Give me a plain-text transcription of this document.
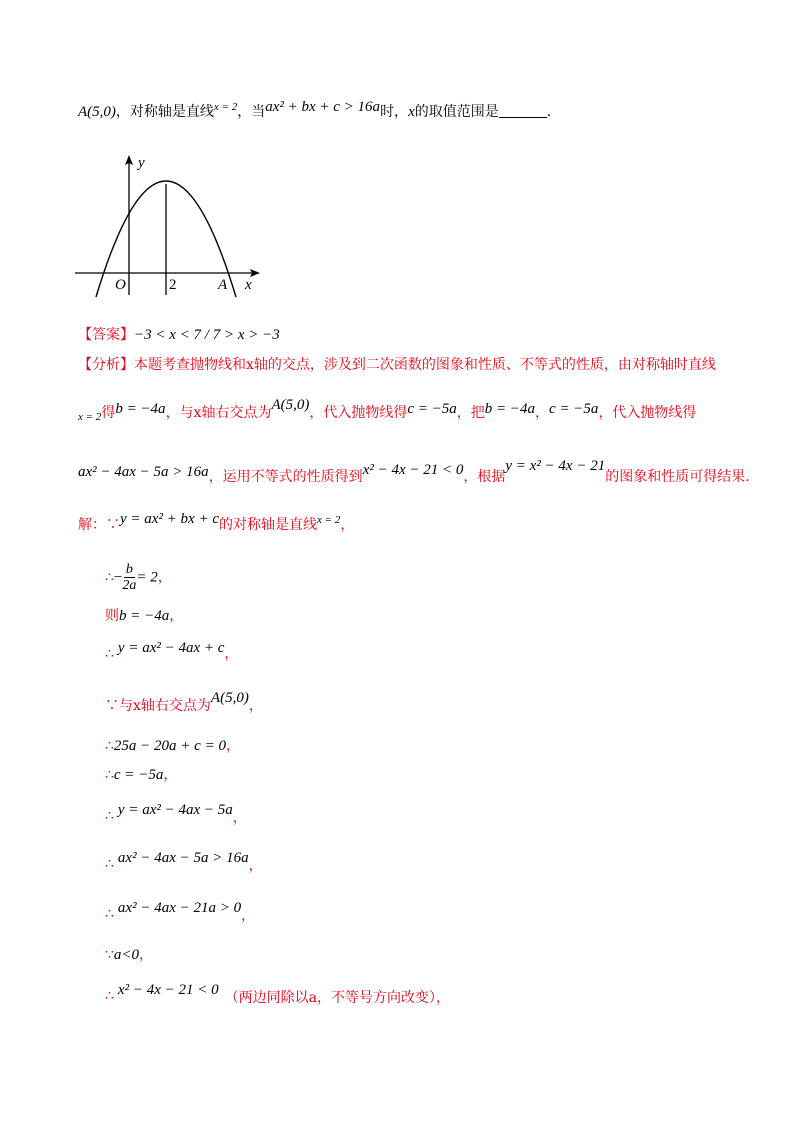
A(5,0)，对称轴是直线$^{x = 2}$，当ax² + bx + c > 16a时，x的取值范围是	.
y
x
O	2	A
【答案】−3 < x < 7 / 7 > x > −3
【分析】本题考查抛物线和x轴的交点，涉及到二次函数的图象和性质、不等式的性质，由对称轴时直线
$_{x = 2}$得b = −4a，与x轴右交点为A(5,0)，代入抛物线得c = −5a，把b = −4a，c = −5a，代入抛物线得
ax² − 4ax − 5a > 16a，运用不等式的性质得到x² − 4x − 21 < 0，根据y = x² − 4x − 21的图象和性质可得结果.
解：∵y = ax² + bx + c的对称轴是直线$^{x = 2}$，
∴− $\frac{b}{2a} = 2$，
则b = −4a，
∴ y = ax² − 4ax + c，
∵与x轴右交点为A(5,0)，
∴25a − 20a + c = 0，
∴c = −5a，
∴ y = ax² − 4ax − 5a，
∴ ax² − 4ax − 5a > 16a，
∴ ax² − 4ax − 21a > 0，
∵a<0，
∴ x² − 4x − 21 < 0 （两边同除以a，不等号方向改变），
